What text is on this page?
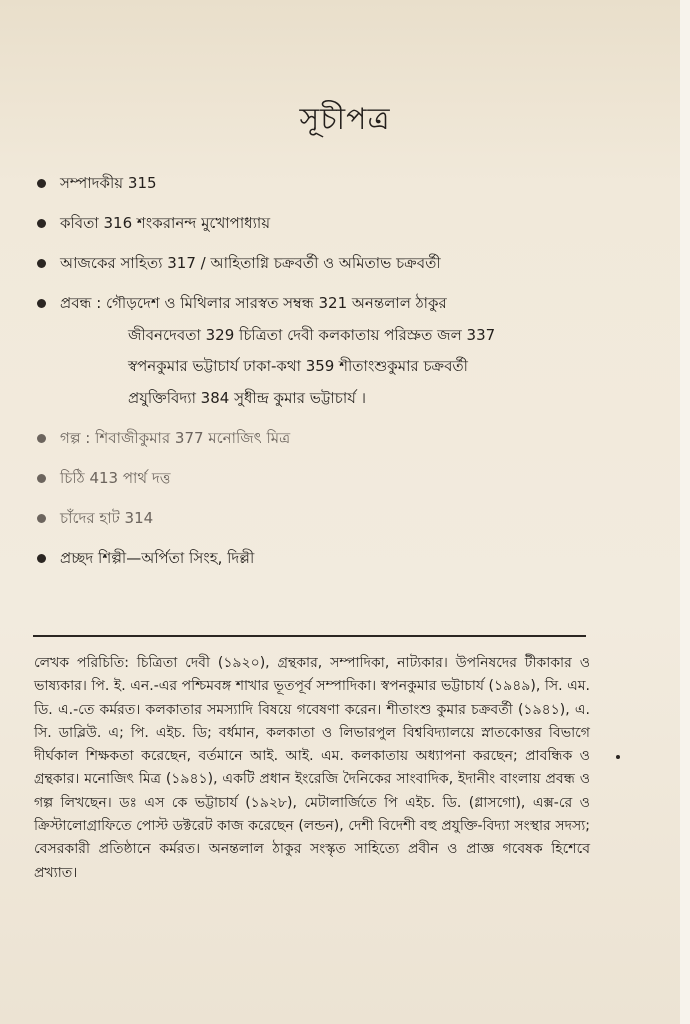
সূচীপত্র
সম্পাদকীয় 315
কবিতা 316 শংকরানন্দ মুখোপাধ্যায়
আজকের সাহিত্য 317 / আহিতাগ্নি চক্রবর্তী ও অমিতাভ চক্রবর্তী
প্রবন্ধ : গৌড়দেশ ও মিথিলার সারস্বত সম্বন্ধ 321 অনন্তলাল ঠাকুর
জীবনদেবতা 329 চিত্রিতা দেবী কলকাতায় পরিস্রুত জল 337
স্বপনকুমার ভট্টাচার্য ঢাকা-কথা 359 শীতাংশুকুমার চক্রবর্তী
প্রযুক্তিবিদ্যা 384 সুধীন্দ্র কুমার ভট্টাচার্য ।
গল্প : শিবাজীকুমার 377 মনোজিৎ মিত্র
চিঠি 413 পার্থ দত্ত
চাঁদের হাট 314
প্রচ্ছদ শিল্পী—অর্পিতা সিংহ, দিল্লী

লেখক পরিচিতি: চিত্রিতা দেবী (১৯২০), গ্রন্থকার, সম্পাদিকা, নাট্যকার। উপনিষদের টীকাকার ও ভাষ্যকার। পি. ই. এন.-এর পশ্চিমবঙ্গ শাখার ভূতপূর্ব সম্পাদিকা। স্বপনকুমার ভট্টাচার্য (১৯৪৯), সি. এম. ডি. এ.-তে কর্মরত। কলকাতার সমস্যাদি বিষয়ে গবেষণা করেন। শীতাংশু কুমার চক্রবর্তী (১৯৪১), এ. সি. ডাব্লিউ. এ; পি. এইচ. ডি; বর্ধমান, কলকাতা ও লিভারপুল বিশ্ববিদ্যালয়ে স্নাতকোত্তর বিভাগে দীর্ঘকাল শিক্ষকতা করেছেন, বর্তমানে আই. আই. এম. কলকাতায় অধ্যাপনা করছেন; প্রাবন্ধিক ও গ্রন্থকার। মনোজিৎ মিত্র (১৯৪১), একটি প্রধান ইংরেজি দৈনিকের সাংবাদিক, ইদানীং বাংলায় প্রবন্ধ ও গল্প লিখছেন। ডঃ এস কে ভট্টাচার্য (১৯২৮), মেটালার্জিতে পি এইচ. ডি. (গ্লাসগো), এক্স-রে ও ক্রিস্টালোগ্রাফিতে পোস্ট ডক্টরেট কাজ করেছেন (লন্ডন), দেশী বিদেশী বহু প্রযুক্তি-বিদ্যা সংস্থার সদস্য; বেসরকারী প্রতিষ্ঠানে কর্মরত। অনন্তলাল ঠাকুর সংস্কৃত সাহিত্যে প্রবীন ও প্রাজ্ঞ গবেষক হিশেবে প্রখ্যাত।
